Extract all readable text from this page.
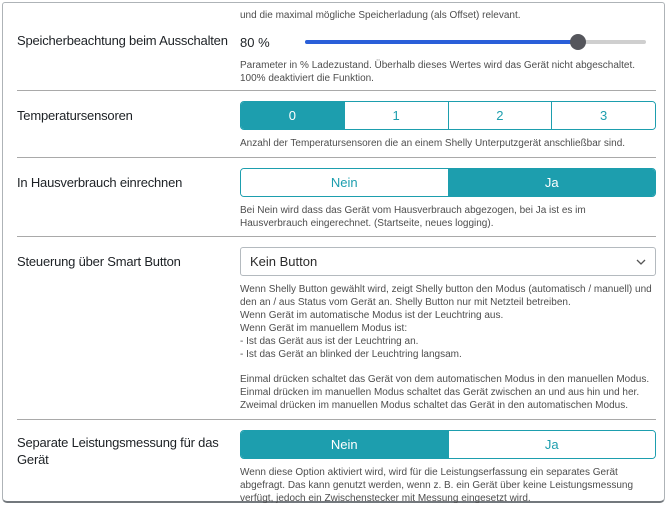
und die maximal mögliche Speicherladung (als Offset) relevant.
Speicherbeachtung beim Ausschalten 80 %
Parameter in % Ladezustand. Überhalb dieses Wertes wird das Gerät nicht abgeschaltet. 100% deaktiviert die Funktion.
Temperatursensoren	0	1	2	3
Anzahl der Temperatursensoren die an einem Shelly Unterputzgerät anschließbar sind.
In Hausverbrauch einrechnen	Nein	Ja
Bei Nein wird dass das Gerät vom Hausverbrauch abgezogen, bei Ja ist es im Hausverbrauch eingerechnet. (Startseite, neues logging).
Steuerung über Smart Button	Kein Button
Wenn Shelly Button gewählt wird, zeigt Shelly button den Modus (automatisch / manuell) und den an / aus Status vom Gerät an. Shelly Button nur mit Netzteil betreiben.
Wenn Gerät im automatische Modus ist der Leuchtring aus.
Wenn Gerät im manuellem Modus ist:
- Ist das Gerät aus ist der Leuchtring an.
- Ist das Gerät an blinked der Leuchtring langsam.
Einmal drücken schaltet das Gerät von dem automatischen Modus in den manuellen Modus.
Einmal drücken im manuellen Modus schaltet das Gerät zwischen an und aus hin und her.
Zweimal drücken im manuellen Modus schaltet das Gerät in den automatischen Modus.
Separate Leistungsmessung für das Gerät
Nein	Ja
Wenn diese Option aktiviert wird, wird für die Leistungserfassung ein separates Gerät abgefragt. Das kann genutzt werden, wenn z. B. ein Gerät über keine Leistungsmessung verfügt, jedoch ein Zwischenstecker mit Messung eingesetzt wird.
